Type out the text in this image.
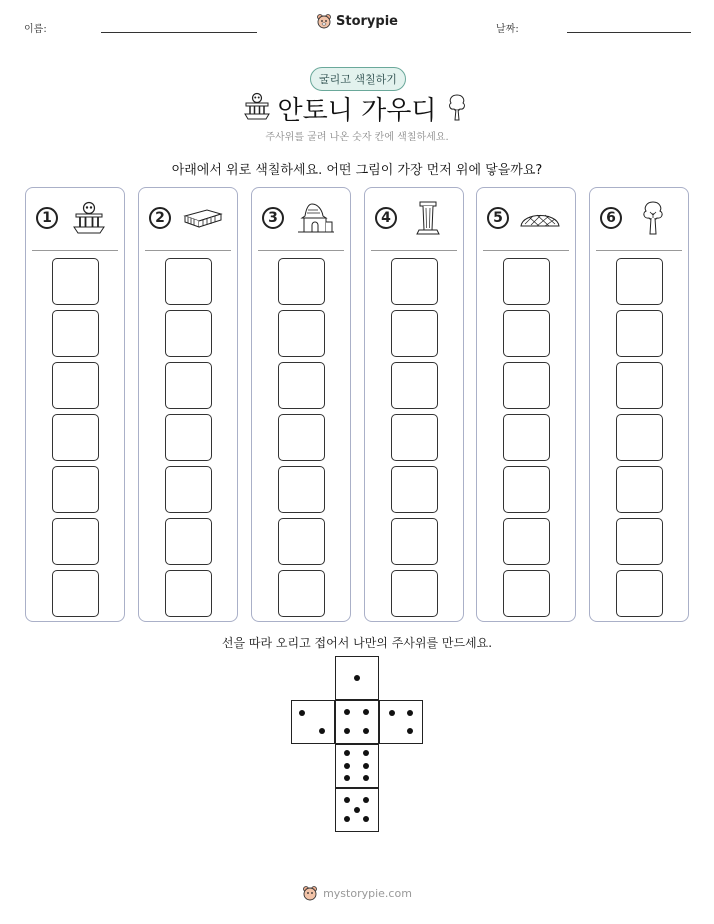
이름:	날짜:
Storypie
굴리고 색칠하기
안토니 가우디
주사위를 굴려 나온 숫자 칸에 색칠하세요.
아래에서 위로 색칠하세요. 어떤 그림이 가장 먼저 위에 닿을까요?
1	2	3	4	5	6
선을 따라 오리고 접어서 나만의 주사위를 만드세요.
mystorypie.com
